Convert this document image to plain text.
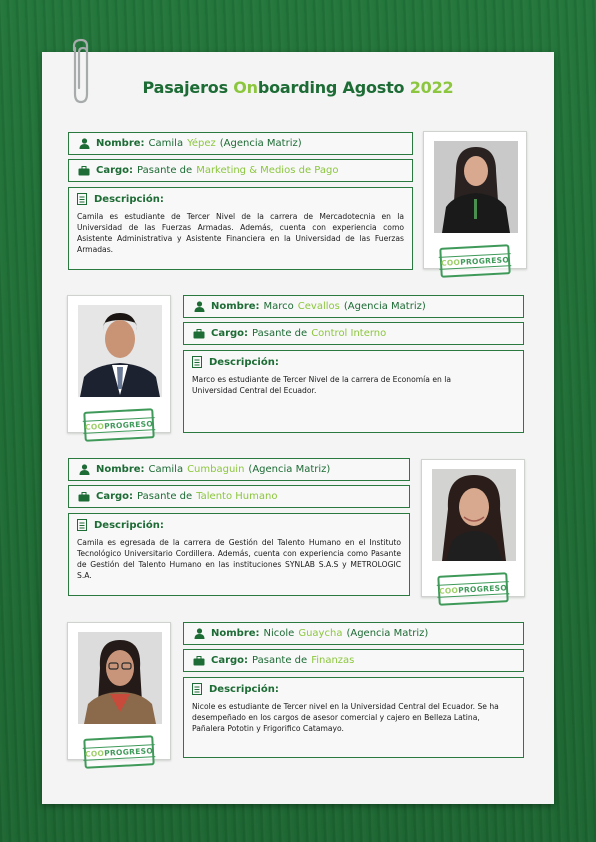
Pasajeros Onboarding Agosto 2022
Nombre: Camila Yépez (Agencia Matriz)
Cargo: Pasante de Marketing & Medios de Pago
Descripción:
Camila es estudiante de Tercer Nivel de la carrera de Mercadotecnia en la Universidad de las Fuerzas Armadas. Además, cuenta con experiencia como Asistente Administrativa y Asistente Financiera en la Universidad de las Fuerzas Armadas.
COOPROGRESO
COOPROGRESO
Nombre: Marco Cevallos (Agencia Matriz)
Cargo: Pasante de Control Interno
Descripción:
Marco es estudiante de Tercer Nivel de la carrera de Economía en la Universidad Central del Ecuador.
Nombre: Camila Cumbaguin (Agencia Matriz)
Cargo: Pasante de Talento Humano
Descripción:
Camila es egresada de la carrera de Gestión del Talento Humano en el Instituto Tecnológico Universitario Cordillera. Además, cuenta con experiencia como Pasante de Gestión del Talento Humano en las instituciones SYNLAB S.A.S y METROLOGIC S.A.
COOPROGRESO
COOPROGRESO
Nombre: Nicole Guaycha (Agencia Matriz)
Cargo: Pasante de Finanzas
Descripción:
Nicole es estudiante de Tercer nivel en la Universidad Central del Ecuador. Se ha desempeñado en los cargos de asesor comercial y cajero en Belleza Latina, Pañalera Pototin y Frigorifico Catamayo.
